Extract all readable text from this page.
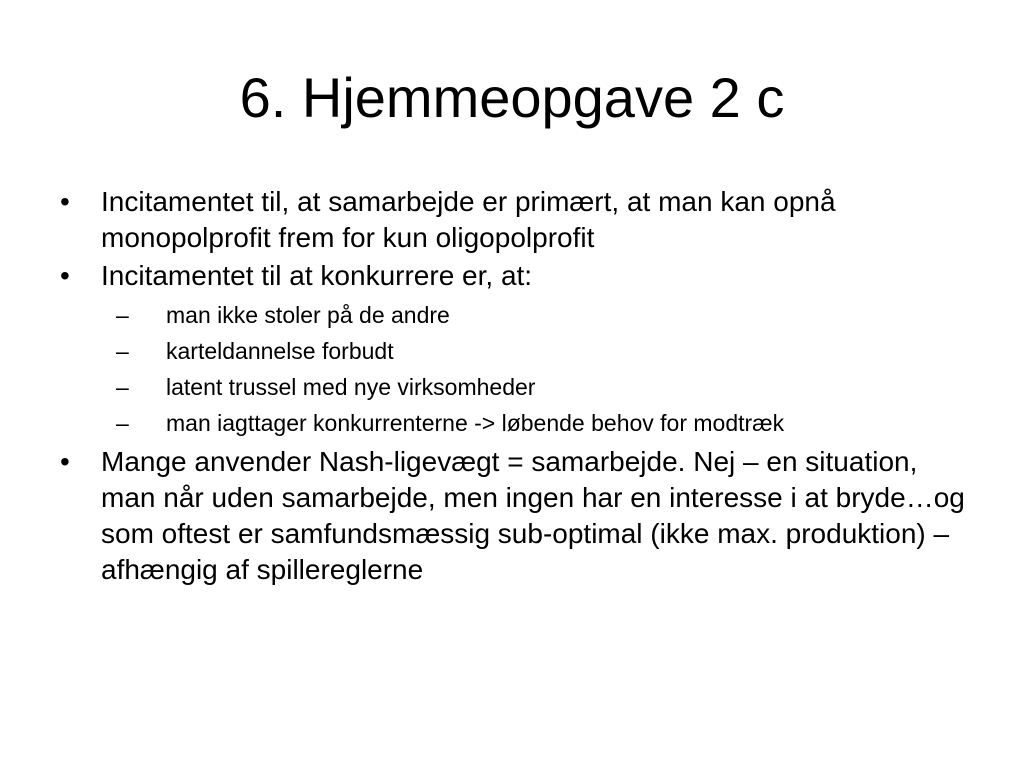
6. Hjemmeopgave 2 c
• Incitamentet til, at samarbejde er primært, at man kan opnå monopolprofit frem for kun oligopolprofit
• Incitamentet til at konkurrere er, at:
– man ikke stoler på de andre
– karteldannelse forbudt
– latent trussel med nye virksomheder
– man iagttager konkurrenterne -> løbende behov for modtræk
• Mange anvender Nash-ligevægt = samarbejde. Nej – en situation, man når uden samarbejde, men ingen har en interesse i at bryde…og som oftest er samfundsmæssig sub-optimal (ikke max. produktion) – afhængig af spillereglerne
